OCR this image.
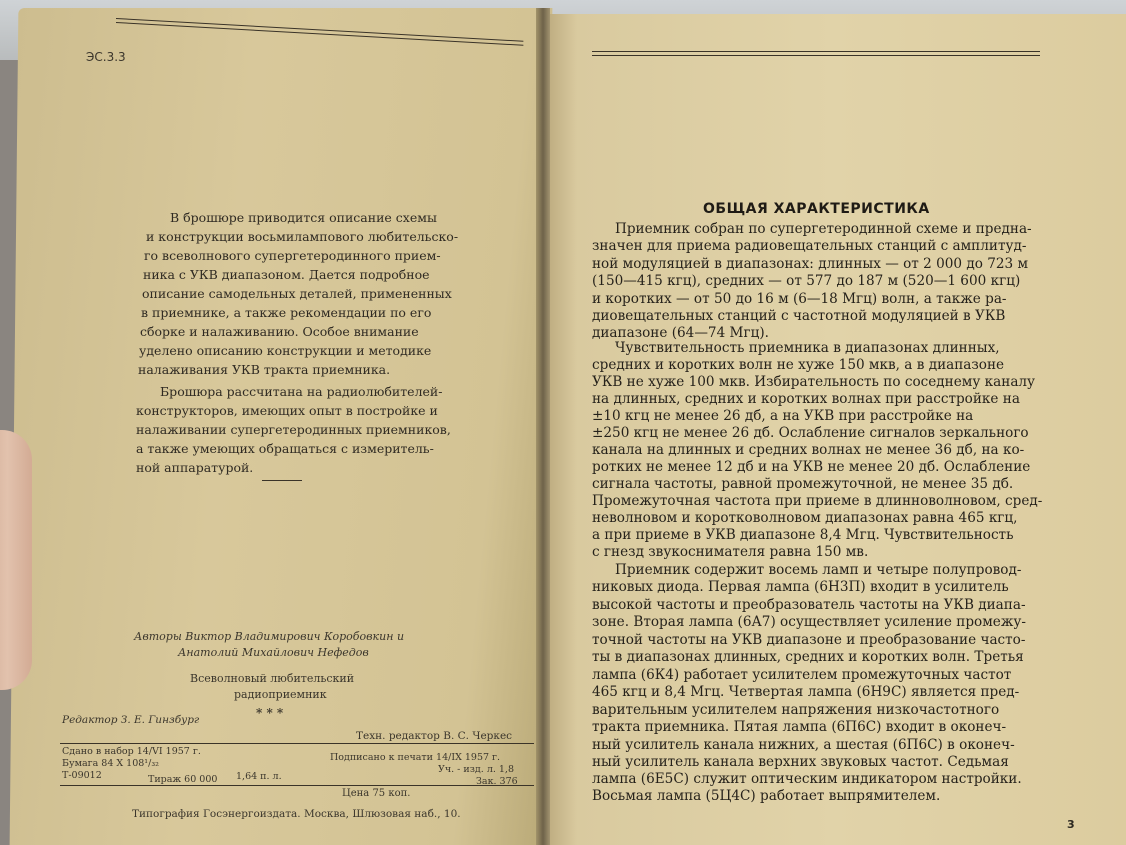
ЭС.3.3
В брошюре приводится описание схемы
и конструкции восьмилампового любительско-
го всеволнового супергетеродинного прием-
ника с УКВ диапазоном. Дается подробное
описание самодельных деталей, примененных
в приемнике, а также рекомендации по его
сборке и налаживанию. Особое внимание
уделено описанию конструкции и методике
налаживания УКВ тракта приемника.
Брошюра рассчитана на радиолюбителей-
конструкторов, имеющих опыт в постройке и
налаживании супергетеродинных приемников,
а также умеющих обращаться с измеритель-
ной аппаратурой.
Авторы Виктор Владимирович Коробовкин и
Анатолий Михайлович Нефедов
Всеволновый любительский
радиоприемник
* * *
Редактор З. Е. Гинзбург
Техн. редактор В. С. Черкес
Сдано в набор 14/VI 1957 г.
Подписано к печати 14/IX 1957 г.
Бумага 84 X 108¹/₃₂
Уч. - изд. л. 1,8
Т-09012	Тираж 60 000 1,64 п. л.	Зак. 376
Цена 75 коп.
Типография Госэнергоиздата. Москва, Шлюзовая наб., 10.
ОБЩАЯ ХАРАКТЕРИСТИКА
Приемник собран по супергетеродинной схеме и предна-
значен для приема радиовещательных станций с амплитуд-
ной модуляцией в диапазонах: длинных — от 2 000 до 723 м
(150—415 кгц), средних — от 577 до 187 м (520—1 600 кгц)
и коротких — от 50 до 16 м (6—18 Мгц) волн, а также ра-
диовещательных станций с частотной модуляцией в УКВ
диапазоне (64—74 Мгц).
Чувствительность приемника в диапазонах длинных,
средних и коротких волн не хуже 150 мкв, а в диапазоне
УКВ не хуже 100 мкв. Избирательность по соседнему каналу
на длинных, средних и коротких волнах при расстройке на
±10 кгц не менее 26 дб, а на УКВ при расстройке на
±250 кгц не менее 26 дб. Ослабление сигналов зеркального
канала на длинных и средних волнах не менее 36 дб, на ко-
ротких не менее 12 дб и на УКВ не менее 20 дб. Ослабление
сигнала частоты, равной промежуточной, не менее 35 дб.
Промежуточная частота при приеме в длинноволновом, сред-
неволновом и коротковолновом диапазонах равна 465 кгц,
а при приеме в УКВ диапазоне 8,4 Мгц. Чувствительность
с гнезд звукоснимателя равна 150 мв.
Приемник содержит восемь ламп и четыре полупровод-
никовых диода. Первая лампа (6Н3П) входит в усилитель
высокой частоты и преобразователь частоты на УКВ диапа-
зоне. Вторая лампа (6А7) осуществляет усиление промежу-
точной частоты на УКВ диапазоне и преобразование часто-
ты в диапазонах длинных, средних и коротких волн. Третья
лампа (6К4) работает усилителем промежуточных частот
465 кгц и 8,4 Мгц. Четвертая лампа (6Н9С) является пред-
варительным усилителем напряжения низкочастотного
тракта приемника. Пятая лампа (6П6С) входит в оконеч-
ный усилитель канала нижних, а шестая (6П6С) в оконеч-
ный усилитель канала верхних звуковых частот. Седьмая
лампа (6Е5С) служит оптическим индикатором настройки.
Восьмая лампа (5Ц4С) работает выпрямителем.
3
